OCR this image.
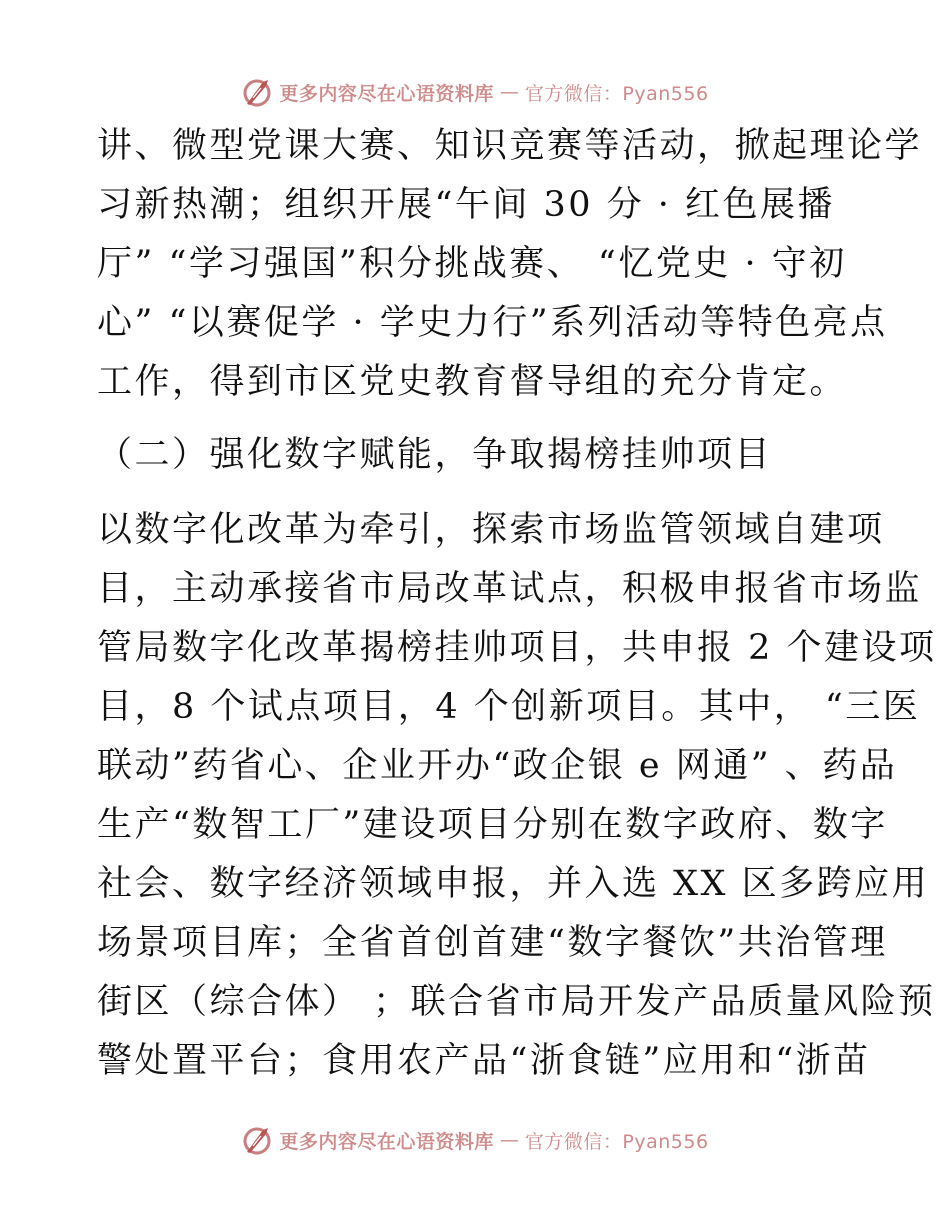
更多内容尽在心语资料库 — 官方微信：Pyan556
讲、微型党课大赛、知识竞赛等活动，掀起理论学
习新热潮；组织开展“午间 30 分 · 红色展播
厅” “学习强国”积分挑战赛、 “忆党史 · 守初
心” “以赛促学 · 学史力行”系列活动等特色亮点
工作，得到市区党史教育督导组的充分肯定。
（二）强化数字赋能，争取揭榜挂帅项目
以数字化改革为牵引，探索市场监管领域自建项
目，主动承接省市局改革试点，积极申报省市场监
管局数字化改革揭榜挂帅项目，共申报 2 个建设项
目，8 个试点项目，4 个创新项目。其中， “三医
联动”药省心、企业开办“政企银 e 网通” 、药品
生产“数智工厂”建设项目分别在数字政府、数字
社会、数字经济领域申报，并入选 XX 区多跨应用
场景项目库；全省首创首建“数字餐饮”共治管理
街区（综合体） ；联合省市局开发产品质量风险预
警处置平台；食用农产品“浙食链”应用和“浙苗
更多内容尽在心语资料库 — 官方微信：Pyan556
